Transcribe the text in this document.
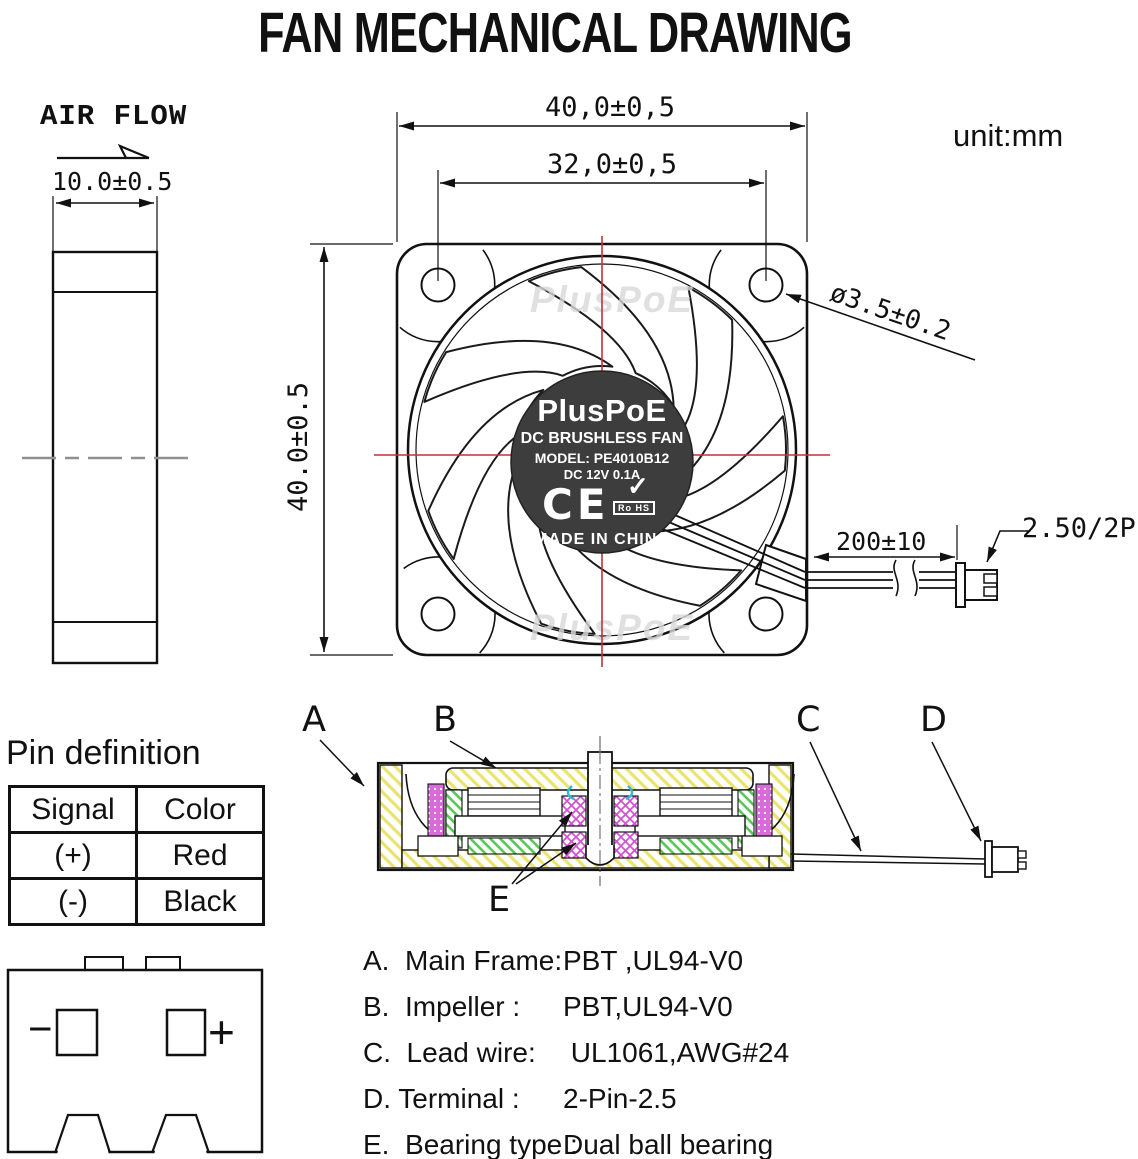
PlusPoE
PlusPoE
FAN MECHANICAL DRAWING
unit:mm
AIR FLOW
10.0±0.5
40,0±0,5
32,0±0,5
40.0±0.5
ø3.5±0.2
200±10	2.50/2P
PlusPoE
DC BRUSHLESS FAN
MODEL: PE4010B12
DC 12V 0.1A
CE ✓
Ro HS
MADE IN CHINA
A	B	C	D
E
Pin definition
Signal	Color
(+)	Red
(-)	Black
−	+
A.  Main Frame: PBT ,UL94-V0
B.  Impeller :	PBT,UL94-V0
C.  Lead wire: UL1061,AWG#24
D. Terminal :	2-Pin-2.5
E.  Bearing type :
Dual ball bearing
